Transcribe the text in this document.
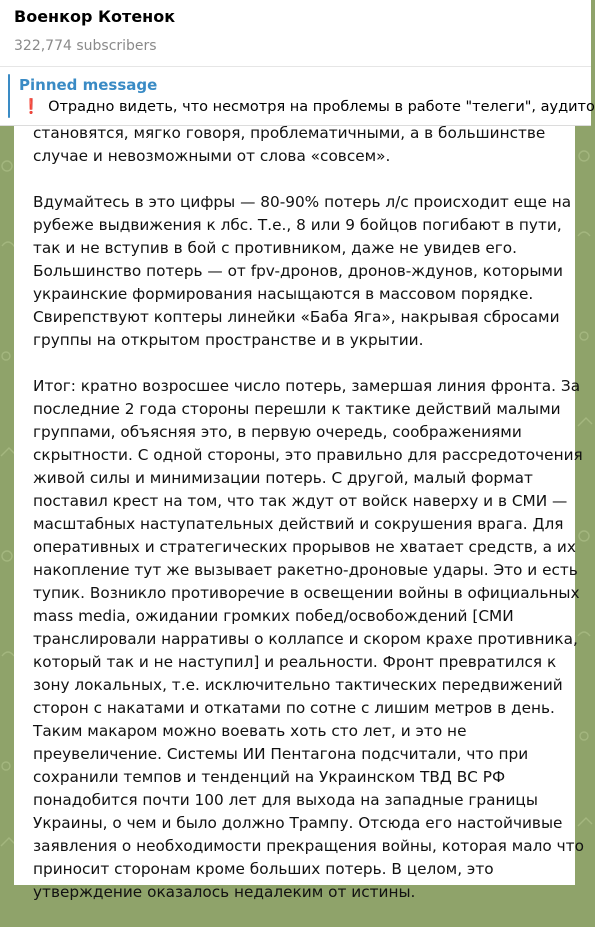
Военкор Котенок
322,774 subscribers
Pinned message
❗ Отрадно видеть, что несмотря на проблемы в работе "телеги", аудито
становятся, мягко говоря, проблематичными, а в большинстве
случае и невозможными от слова «совсем».
Вдумайтесь в это цифры — 80-90% потерь л/с происходит еще на
рубеже выдвижения к лбс. Т.е., 8 или 9 бойцов погибают в пути,
так и не вступив в бой с противником, даже не увидев его.
Большинство потерь — от fpv-дронов, дронов-ждунов, которыми
украинские формирования насыщаются в массовом порядке.
Свирепствуют коптеры линейки «Баба Яга», накрывая сбросами
группы на открытом пространстве и в укрытии.
Итог: кратно возросшее число потерь, замершая линия фронта. За
последние 2 года стороны перешли к тактике действий малыми
группами, объясняя это, в первую очередь, соображениями
скрытности. С одной стороны, это правильно для рассредоточения
живой силы и минимизации потерь. С другой, малый формат
поставил крест на том, что так ждут от войск наверху и в СМИ —
масштабных наступательных действий и сокрушения врага. Для
оперативных и стратегических прорывов не хватает средств, а их
накопление тут же вызывает ракетно-дроновые удары. Это и есть
тупик. Возникло противоречие в освещении войны в официальных
mass media, ожидании громких побед/освобождений [СМИ
транслировали нарративы о коллапсе и скором крахе противника,
который так и не наступил] и реальности. Фронт превратился к
зону локальных, т.е. исключительно тактических передвижений
сторон с накатами и откатами по сотне с лишим метров в день.
Таким макаром можно воевать хоть сто лет, и это не
преувеличение. Системы ИИ Пентагона подсчитали, что при
сохранили темпов и тенденций на Украинском ТВД ВС РФ
понадобится почти 100 лет для выхода на западные границы
Украины, о чем и было должно Трампу. Отсюда его настойчивые
заявления о необходимости прекращения войны, которая мало что
приносит сторонам кроме больших потерь. В целом, это
утверждение оказалось недалеким от истины.
